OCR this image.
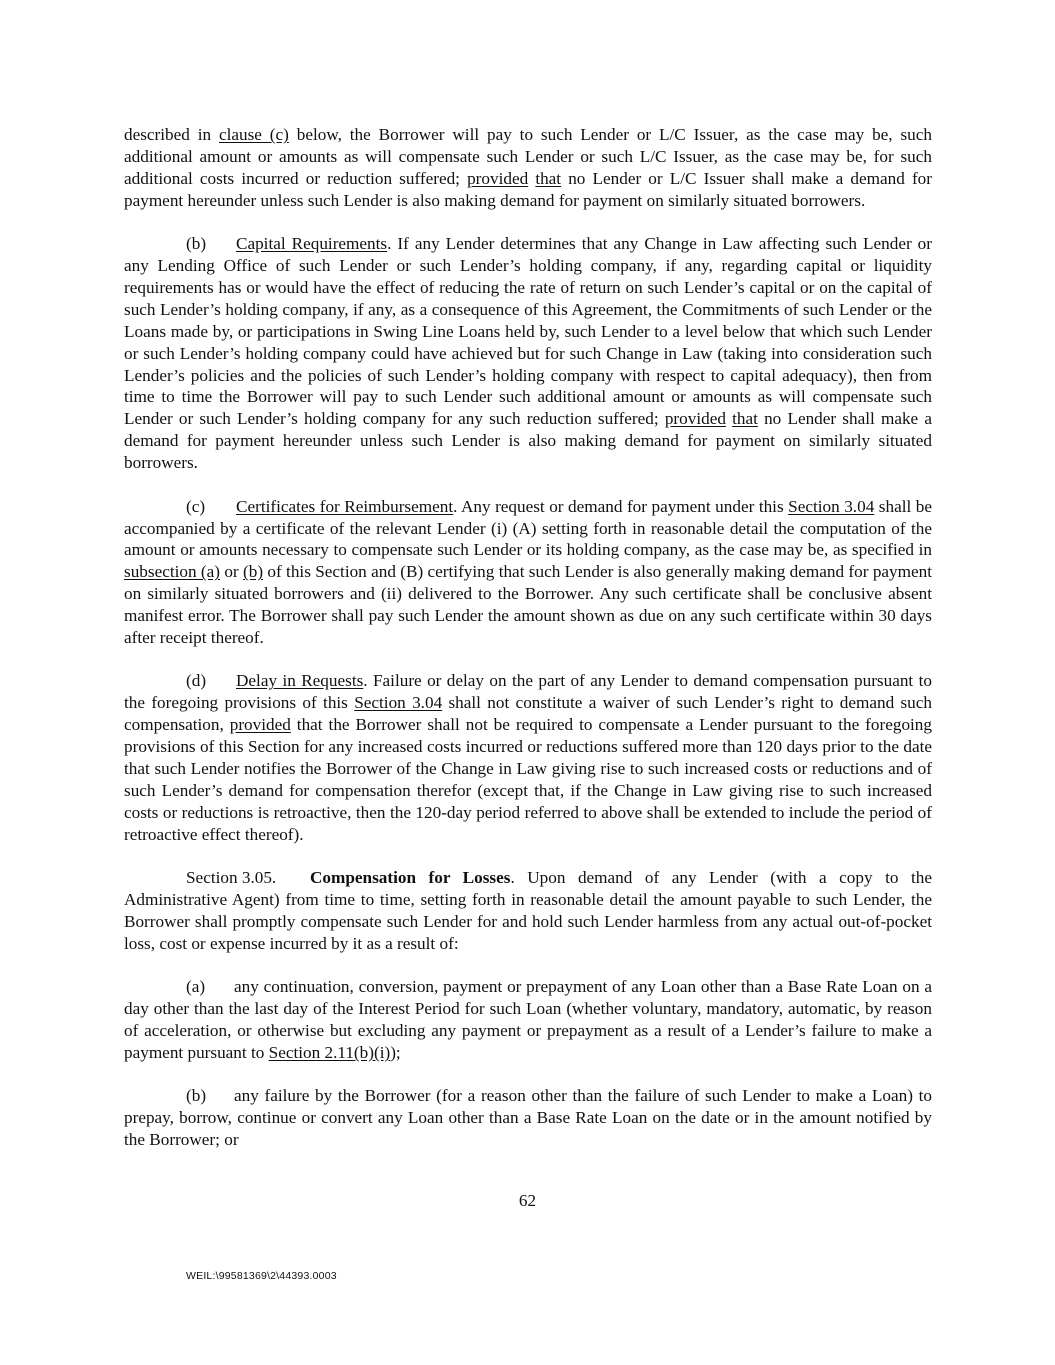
described in clause (c) below, the Borrower will pay to such Lender or L/C Issuer, as the case may be, such additional amount or amounts as will compensate such Lender or such L/C Issuer, as the case may be, for such additional costs incurred or reduction suffered; provided that no Lender or L/C Issuer shall make a demand for payment hereunder unless such Lender is also making demand for payment on similarly situated borrowers.

(b) Capital Requirements. If any Lender determines that any Change in Law affecting such Lender or any Lending Office of such Lender or such Lender’s holding company, if any, regarding capital or liquidity requirements has or would have the effect of reducing the rate of return on such Lender’s capital or on the capital of such Lender’s holding company, if any, as a consequence of this Agreement, the Commitments of such Lender or the Loans made by, or participations in Swing Line Loans held by, such Lender to a level below that which such Lender or such Lender’s holding company could have achieved but for such Change in Law (taking into consideration such Lender’s policies and the policies of such Lender’s holding company with respect to capital adequacy), then from time to time the Borrower will pay to such Lender such additional amount or amounts as will compensate such Lender or such Lender’s holding company for any such reduction suffered; provided that no Lender shall make a demand for payment hereunder unless such Lender is also making demand for payment on similarly situated borrowers.

(c) Certificates for Reimbursement. Any request or demand for payment under this Section 3.04 shall be accompanied by a certificate of the relevant Lender (i) (A) setting forth in reasonable detail the computation of the amount or amounts necessary to compensate such Lender or its holding company, as the case may be, as specified in subsection (a) or (b) of this Section and (B) certifying that such Lender is also generally making demand for payment on similarly situated borrowers and (ii) delivered to the Borrower. Any such certificate shall be conclusive absent manifest error. The Borrower shall pay such Lender the amount shown as due on any such certificate within 30 days after receipt thereof.

(d) Delay in Requests. Failure or delay on the part of any Lender to demand compensation pursuant to the foregoing provisions of this Section 3.04 shall not constitute a waiver of such Lender’s right to demand such compensation, provided that the Borrower shall not be required to compensate a Lender pursuant to the foregoing provisions of this Section for any increased costs incurred or reductions suffered more than 120 days prior to the date that such Lender notifies the Borrower of the Change in Law giving rise to such increased costs or reductions and of such Lender’s demand for compensation therefor (except that, if the Change in Law giving rise to such increased costs or reductions is retroactive, then the 120-day period referred to above shall be extended to include the period of retroactive effect thereof).

Section 3.05. Compensation for Losses. Upon demand of any Lender (with a copy to the Administrative Agent) from time to time, setting forth in reasonable detail the amount payable to such Lender, the Borrower shall promptly compensate such Lender for and hold such Lender harmless from any actual out-of-pocket loss, cost or expense incurred by it as a result of:

(a) any continuation, conversion, payment or prepayment of any Loan other than a Base Rate Loan on a day other than the last day of the Interest Period for such Loan (whether voluntary, mandatory, automatic, by reason of acceleration, or otherwise but excluding any payment or prepayment as a result of a Lender’s failure to make a payment pursuant to Section 2.11(b)(i));

(b) any failure by the Borrower (for a reason other than the failure of such Lender to make a Loan) to prepay, borrow, continue or convert any Loan other than a Base Rate Loan on the date or in the amount notified by the Borrower; or

62
WEIL:\99581369\2\44393.0003
